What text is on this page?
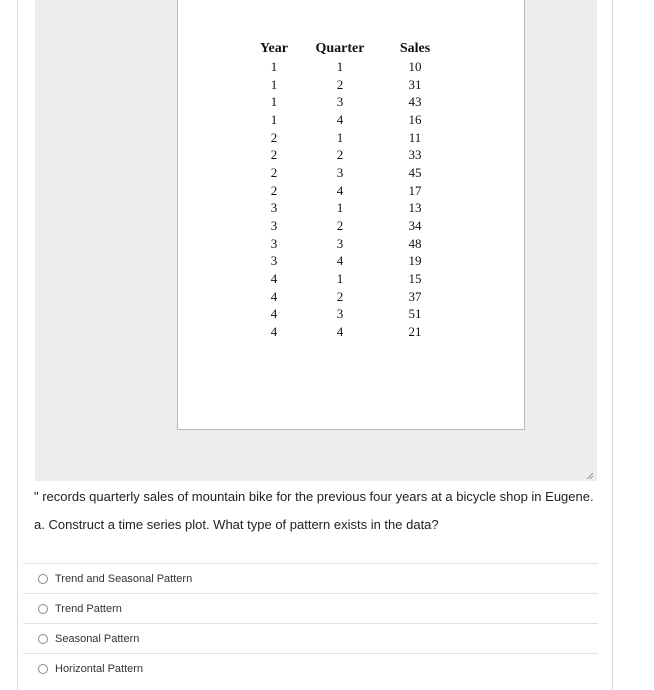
Year	Quarter	Sales
1	1	10
1	2	31
1	3	43
1	4	16
2	1	11
2	2	33
2	3	45
2	4	17
3	1	13
3	2	34
3	3	48
3	4	19
4	1	15
4	2	37
4	3	51
4	4	21

" records quarterly sales of mountain bike for the previous four years at a bicycle shop in Eugene.

a. Construct a time series plot. What type of pattern exists in the data?

Trend and Seasonal Pattern
Trend Pattern
Seasonal Pattern
Horizontal Pattern
